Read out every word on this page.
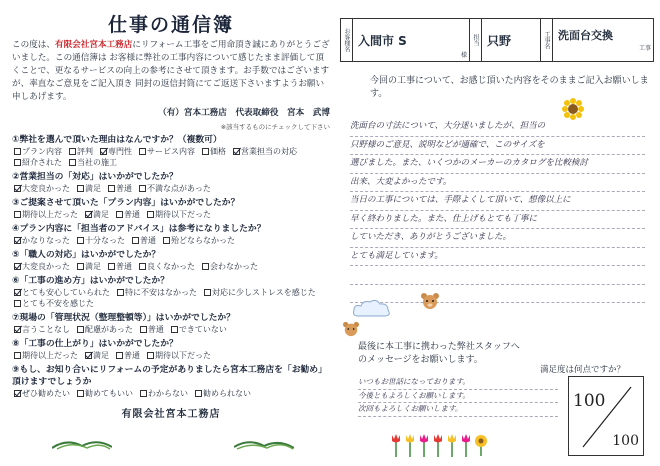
仕事の通信簿
この度は、有限会社宮本工務店にリフォーム工事をご用命頂き誠にありがとうございました。この通信簿は お客様に弊社の工事内容について感じたまま評価して頂くことで、更なるサービスの向上の参考にさせて頂きます。お手数ではございますが、率直なご意見をご記入頂き 同封の返信封筒にてご返送下さいますようお願い申しあげます。
（有）宮本工務店　代表取締役　宮本　武博
※該当するものにチェックして下さい
①弊社を選んで頂いた理由はなんですか？（複数可）
プラン内容	評判	専門性	サービス内容	価格	営業担当の対応
紹介された	当社の施工
②営業担当の「対応」はいかがでしたか？
大変良かった	満足	普通	不満な点があった
③ご提案させて頂いた「プラン内容」はいかがでしたか？
期待以上だった	満足	普通	期待以下だった
④プラン内容に「担当者のアドバイス」は参考になりましたか？
かなりなった	十分なった	普通	殆どならなかった
⑤「職人の対応」はいかがでしたか？
大変良かった	満足	普通	良くなかった	会わなかった
⑥「工事の進め方」はいかがでしたか？
とても安心していられた	特に不安はなかった	対応に少しストレスを感じた
とても不安を感じた
⑦現場の「管理状況（整理整頓等）」はいかがでしたか？
言うことなし	配慮があった	普通	できていない
⑧「工事の仕上がり」はいかがでしたか？
期待以上だった	満足	普通	期待以下だった
⑨もし、お知り合いにリフォームの予定がありましたら宮本工務店を「お勧め」頂けますでしょうか
ぜひ勧めたい	勧めてもいい	わからない	勧められない
有限会社宮本工務店
お客様名 入間市 S
様
担当 只野	工事名 洗面台交換
工事
今回の工事について、お感じ頂いた内容をそのままご記入お願いします。
洗面台の寸法について、大分迷いましたが、担当の
只野様のご意見、説明などが適確で、このサイズを
選びました。また、いくつかのメーカーのカタログを比較検討
出来、大変よかったです。
当日の工事については、手際よくして頂いて、想像以上に
早く終わりました。また、仕上げもとても丁寧に
していただき、ありがとうございました。
とても満足しています。
最後に本工事に携わった弊社スタッフへのメッセージをお願いします。
満足度は何点ですか？
いつもお世話になっております。
今後ともよろしくお願いします。
次回もよろしくお願いします。	100
100
